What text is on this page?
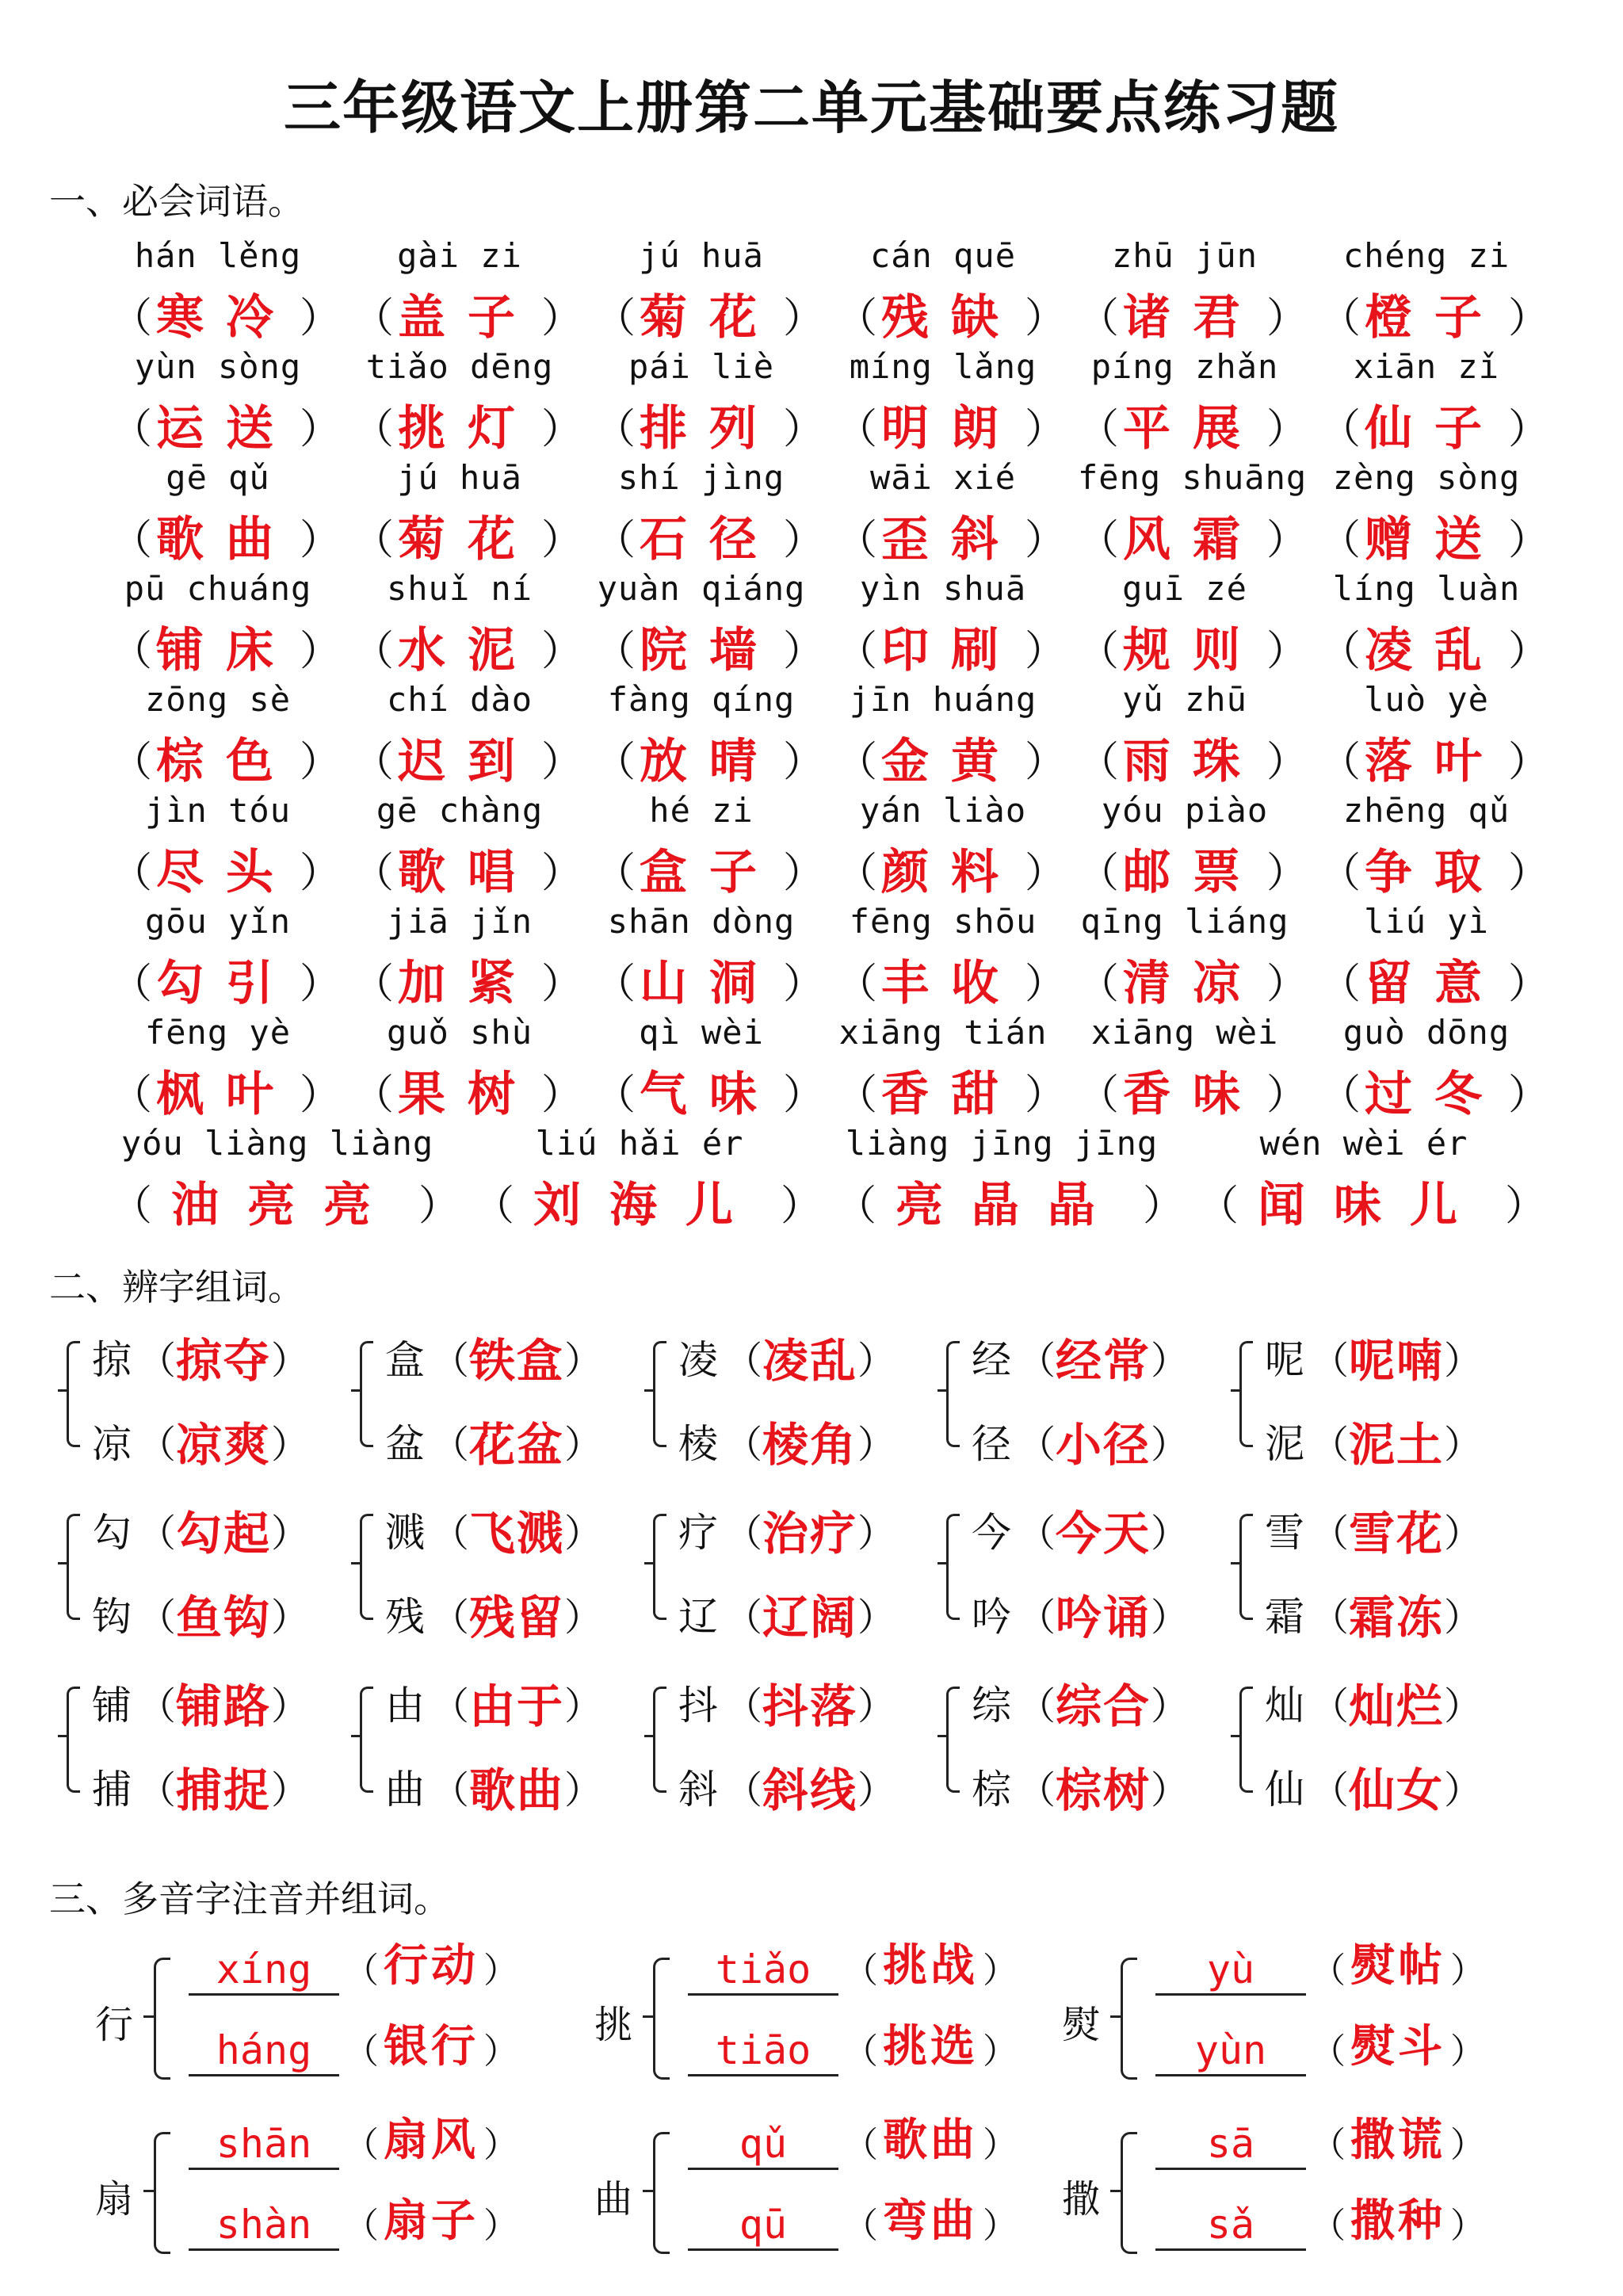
三年级语文上册第二单元基础要点练习题
一、必会词语。
hán lěng
（ 寒冷 ）
gài zi
（ 盖子 ）
jú huā
（ 菊花 ）
cán quē
（ 残缺 ）
zhū jūn
（ 诸君 ）
chéng zi
（ 橙子 ）
yùn sòng
（ 运送 ）
tiǎo dēng
（ 挑灯 ）
pái liè
（ 排列 ）
míng lǎng
（ 明朗 ）
píng zhǎn
（ 平展 ）
xiān zǐ
（ 仙子 ）
gē qǔ
（ 歌曲 ）
jú huā
（ 菊花 ）
shí jìng
（ 石径 ）
wāi xié
（ 歪斜 ）
fēng shuāng
（ 风霜 ）
zèng sòng
（ 赠送 ）
pū chuáng
（ 铺床 ）
shuǐ ní
（ 水泥 ）
yuàn qiáng
（ 院墙 ）
yìn shuā
（ 印刷 ）
guī zé
（ 规则 ）
líng luàn
（ 凌乱 ）
zōng sè
（ 棕色 ）
chí dào
（ 迟到 ）
fàng qíng
（ 放晴 ）
jīn huáng
（ 金黄 ）
yǔ zhū
（ 雨珠 ）
luò yè
（ 落叶 ）
jìn tóu
（ 尽头 ）
gē chàng
（ 歌唱 ）
hé zi
（ 盒子 ）
yán liào
（ 颜料 ）
yóu piào
（ 邮票 ）
zhēng qǔ
（ 争取 ）
gōu yǐn
（ 勾引 ）
jiā jǐn
（ 加紧 ）
shān dòng
（ 山洞 ）
fēng shōu
（ 丰收 ）
qīng liáng
（ 清凉 ）
liú yì
（ 留意 ）
fēng yè
（ 枫叶 ）
guǒ shù
（ 果树 ）
qì wèi
（ 气味 ）
xiāng tián
（ 香甜 ）
xiāng wèi
（ 香味 ）
guò dōng
（ 过冬 ）
yóu liàng liàng
（ 油亮亮 ）
liú hǎi ér
（ 刘海儿 ）
liàng jīng jīng
（ 亮晶晶 ）
wén wèi ér
（ 闻味儿 ）
二、辨字组词。
掠 （ 掠夺 ）
凉 （ 凉爽 ）
盒 （ 铁盒 ）
盆 （ 花盆 ）
凌 （ 凌乱 ）
棱 （ 棱角 ）
经 （ 经常 ）
径 （ 小径 ）
呢 （ 呢喃 ）
泥 （ 泥土 ）
勾 （ 勾起 ）
钩 （ 鱼钩 ）
溅 （ 飞溅 ）
残 （ 残留 ）
疗 （ 治疗 ）
辽 （ 辽阔 ）
今 （ 今天 ）
吟 （ 吟诵 ）
雪 （ 雪花 ）
霜 （ 霜冻 ）
铺 （ 铺路 ）
捕 （ 捕捉 ）
由 （ 由于 ）
曲 （ 歌曲 ）
抖 （ 抖落 ）
斜 （ 斜线 ）
综 （ 综合 ）
棕 （ 棕树 ）
灿 （ 灿烂 ）
仙 （ 仙女 ）
三、多音字注音并组词。
行
xíng （ 行动 ）
háng （ 银行 ）
挑
tiǎo （ 挑战 ）
tiāo （ 挑选 ）
熨
yù	（ 熨帖 ）
yùn	（ 熨斗 ）
扇
shān （ 扇风 ）
shàn （ 扇子 ）
曲
qǔ	（ 歌曲 ）
qū	（ 弯曲 ）
撒
sā	（ 撒谎 ）
sǎ	（ 撒种 ）
